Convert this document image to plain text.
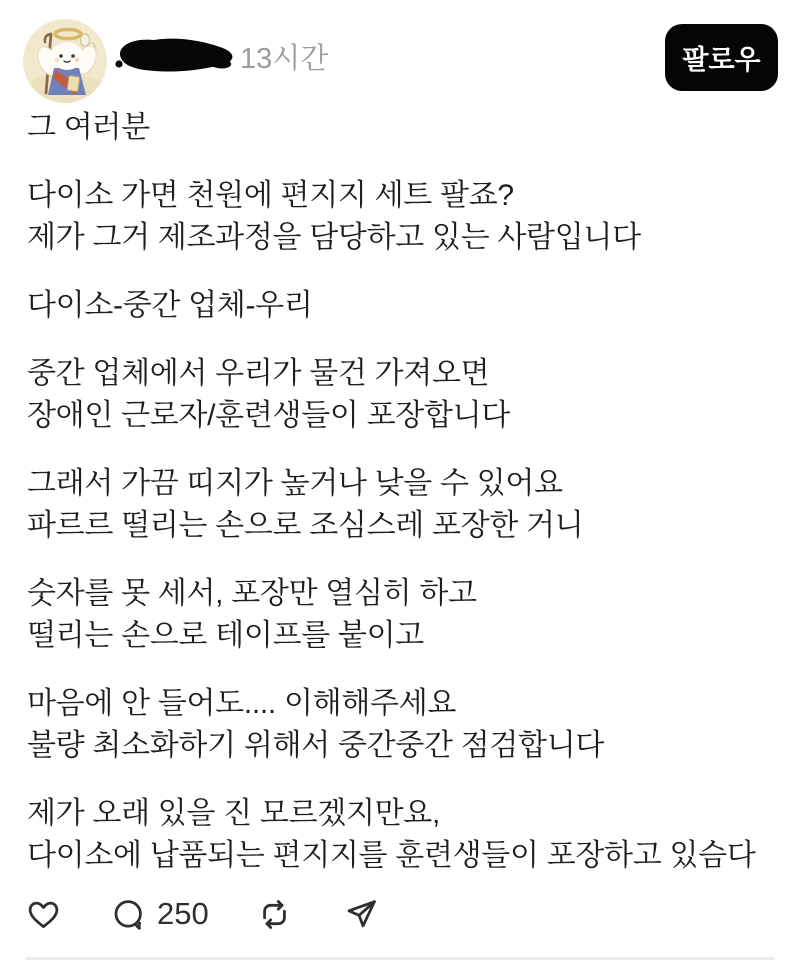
13시간	팔로우

그 여러분

다이소 가면 천원에 편지지 세트 팔죠?
제가 그거 제조과정을 담당하고 있는 사람입니다

다이소-중간 업체-우리

중간 업체에서 우리가 물건 가져오면
장애인 근로자/훈련생들이 포장합니다

그래서 가끔 띠지가 높거나 낮을 수 있어요
파르르 떨리는 손으로 조심스레 포장한 거니

숫자를 못 세서, 포장만 열심히 하고
떨리는 손으로 테이프를 붙이고

마음에 안 들어도.... 이해해주세요
불량 최소화하기 위해서 중간중간 점검합니다

제가 오래 있을 진 모르겠지만요,
다이소에 납품되는 편지지를 훈련생들이 포장하고 있슴다

250
